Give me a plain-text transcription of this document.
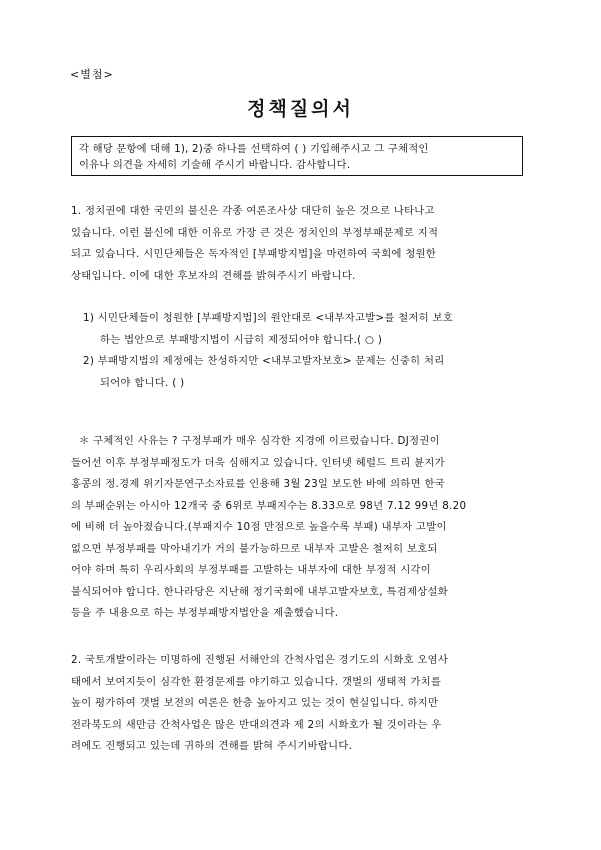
<별첨>
정책질의서

각 해당 문항에 대해 1), 2)중 하나를 선택하여 ( ) 기입해주시고 그 구체적인

이유나 의견을 자세히 기술해 주시기 바랍니다. 감사합니다.

1. 정치권에 대한 국민의 불신은 각종 여론조사상 대단히 높은 것으로 나타나고

있습니다. 이런 불신에 대한 이유로 가장 큰 것은 정치인의 부정부패문제로 지적

되고 있습니다. 시민단체들은 독자적인 [부패방지법]을 마련하여 국회에 청원한

상태입니다. 이에 대한 후보자의 견해를 밝혀주시기 바랍니다.

1) 시민단체들이 청원한 [부패방지법]의 원안대로 <내부자고발>를 철저히 보호

하는 법안으로 부패방지법이 시급히 제정되어야 합니다.( ○ )

2) 부패방지법의 제정에는 찬성하지만 <내부고발자보호> 문제는 신중히 처리

되어야 합니다. ( )

＊ 구체적인 사유는 ? 구정부패가 매우 심각한 지경에 이르렀습니다. DJ정권이

들어선 이후 부정부패정도가 더욱 심해지고 있습니다. 인터넷 헤럴드 트리 뷴지가

홍콩의 정.경제 위기자문연구소자료를 인용해 3월 23일 보도한 바에 의하면 한국

의 부패순위는 아시아 12개국 중 6위로 부패지수는 8.33으로 98년 7.12 99년 8.20

에 비해 더 높아졌습니다.(부패지수 10점 만점으로 높을수록 부패) 내부자 고발이

없으면 부정부패를 막아내기가 거의 불가능하므로 내부자 고발은 철저히 보호되

어야 하며 특히 우리사회의 부정부패를 고발하는 내부자에 대한 부정적 시각이

불식되어야 합니다. 한나라당은 지난해 정기국회에 내부고발자보호, 특검제상설화

등을 주 내용으로 하는 부정부패방지법안을 제출했습니다.

2. 국토개발이라는 미명하에 진행된 서해안의 간척사업은 경기도의 시화호 오염사

태에서 보여지듯이 심각한 환경문제를 야기하고 있습니다. 갯벌의 생태적 가치를

높이 평가하여 갯벌 보전의 여론은 한층 높아지고 있는 것이 현실입니다. 하지만

전라북도의 새만금 간척사업은 많은 반대의견과 제 2의 시화호가 될 것이라는 우

려에도 진행되고 있는데 귀하의 견해를 밝혀 주시기바랍니다.
